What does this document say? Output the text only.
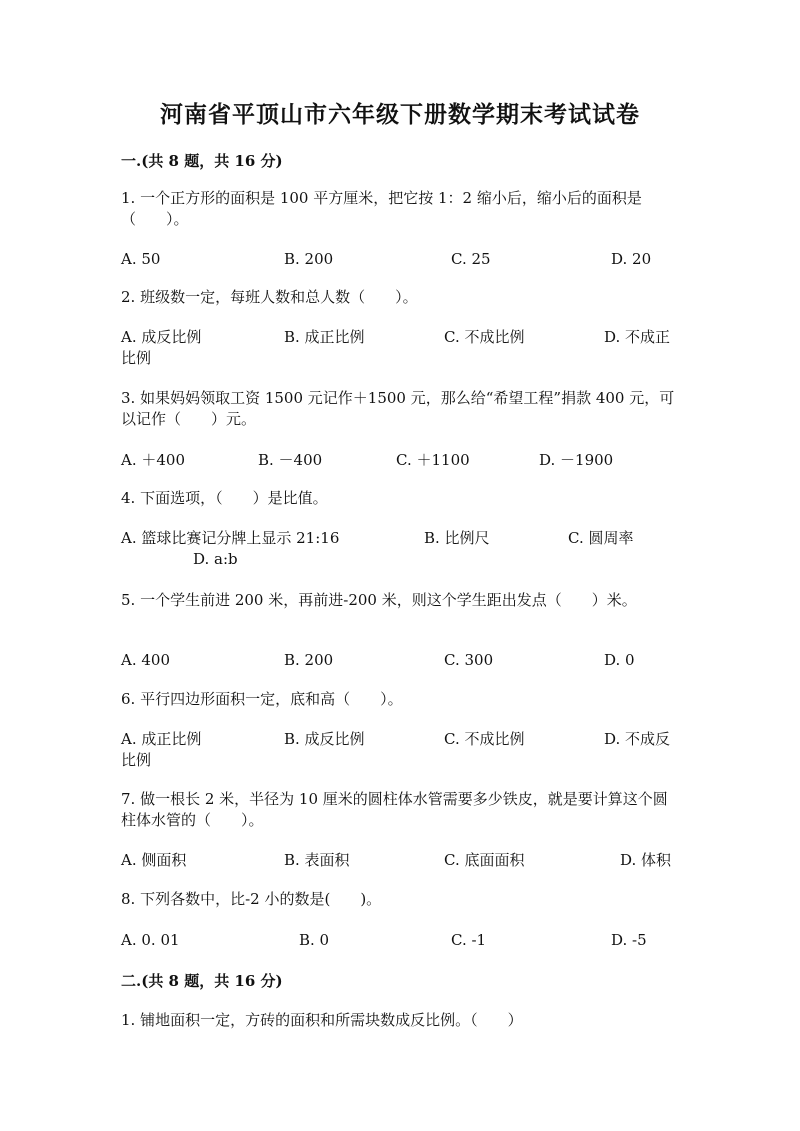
河南省平顶山市六年级下册数学期末考试试卷
一.(共 8 题，共 16 分)
1. 一个正方形的面积是 100 平方厘米，把它按 1：2 缩小后，缩小后的面积是（　　）。
A. 50	B. 200	C. 25	D. 20
2. 班级数一定，每班人数和总人数（　　）。
A. 成反比例	B. 成正比例	C. 不成比例	D. 不成正
比例
3. 如果妈妈领取工资 1500 元记作＋1500 元，那么给“希望工程”捐款 400 元，可以记作（　　）元。
A. ＋400	B. －400	C. ＋1100	D. －1900
4. 下面选项，（　　）是比值。
A. 篮球比赛记分牌上显示 21:16	B. 比例尺	C. 圆周率
D. a:b
5. 一个学生前进 200 米，再前进-200 米，则这个学生距出发点（　　）米。
A. 400	B. 200	C. 300	D. 0
6. 平行四边形面积一定，底和高（　　）。
A. 成正比例	B. 成反比例	C. 不成比例	D. 不成反
比例
7. 做一根长 2 米，半径为 10 厘米的圆柱体水管需要多少铁皮，就是要计算这个圆柱体水管的（　　）。
A. 侧面积	B. 表面积	C. 底面面积	D. 体积
8. 下列各数中，比-2 小的数是(　　)。
A. 0. 01	B. 0	C. -1	D. -5
二.(共 8 题，共 16 分)
1. 铺地面积一定，方砖的面积和所需块数成反比例。（　　）
